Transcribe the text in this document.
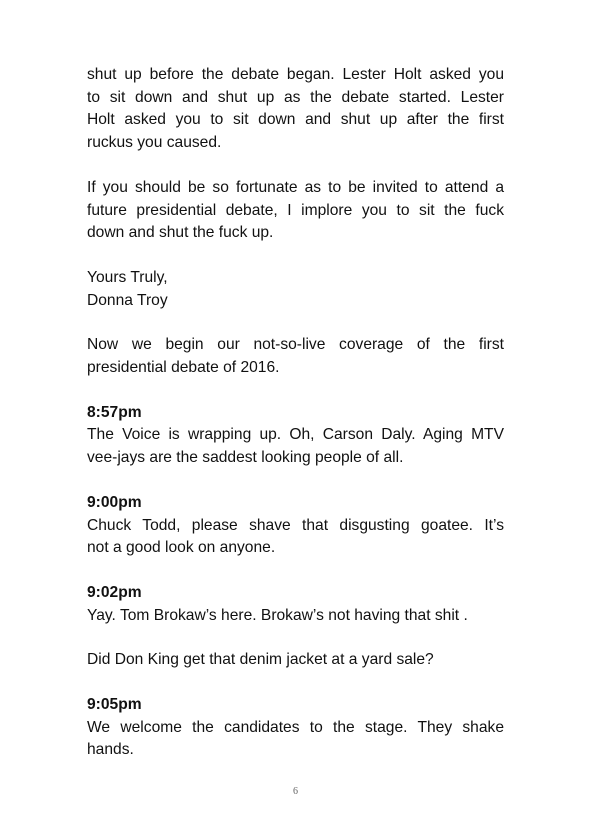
shut up before the debate began. Lester Holt asked you
to sit down and shut up as the debate started. Lester
Holt asked you to sit down and shut up after the first
ruckus you caused.

If you should be so fortunate as to be invited to attend a
future presidential debate, I implore you to sit the fuck
down and shut the fuck up.

Yours Truly,
Donna Troy

Now we begin our not-so-live coverage of the first
presidential debate of 2016.

8:57pm
The Voice is wrapping up. Oh, Carson Daly. Aging MTV
vee-jays are the saddest looking people of all.
9:00pm
Chuck Todd, please shave that disgusting goatee. It’s
not a good look on anyone.
9:02pm
Yay. Tom Brokaw’s here. Brokaw’s not having that shit .
Did Don King get that denim jacket at a yard sale?
9:05pm
We welcome the candidates to the stage. They shake
hands.
6
